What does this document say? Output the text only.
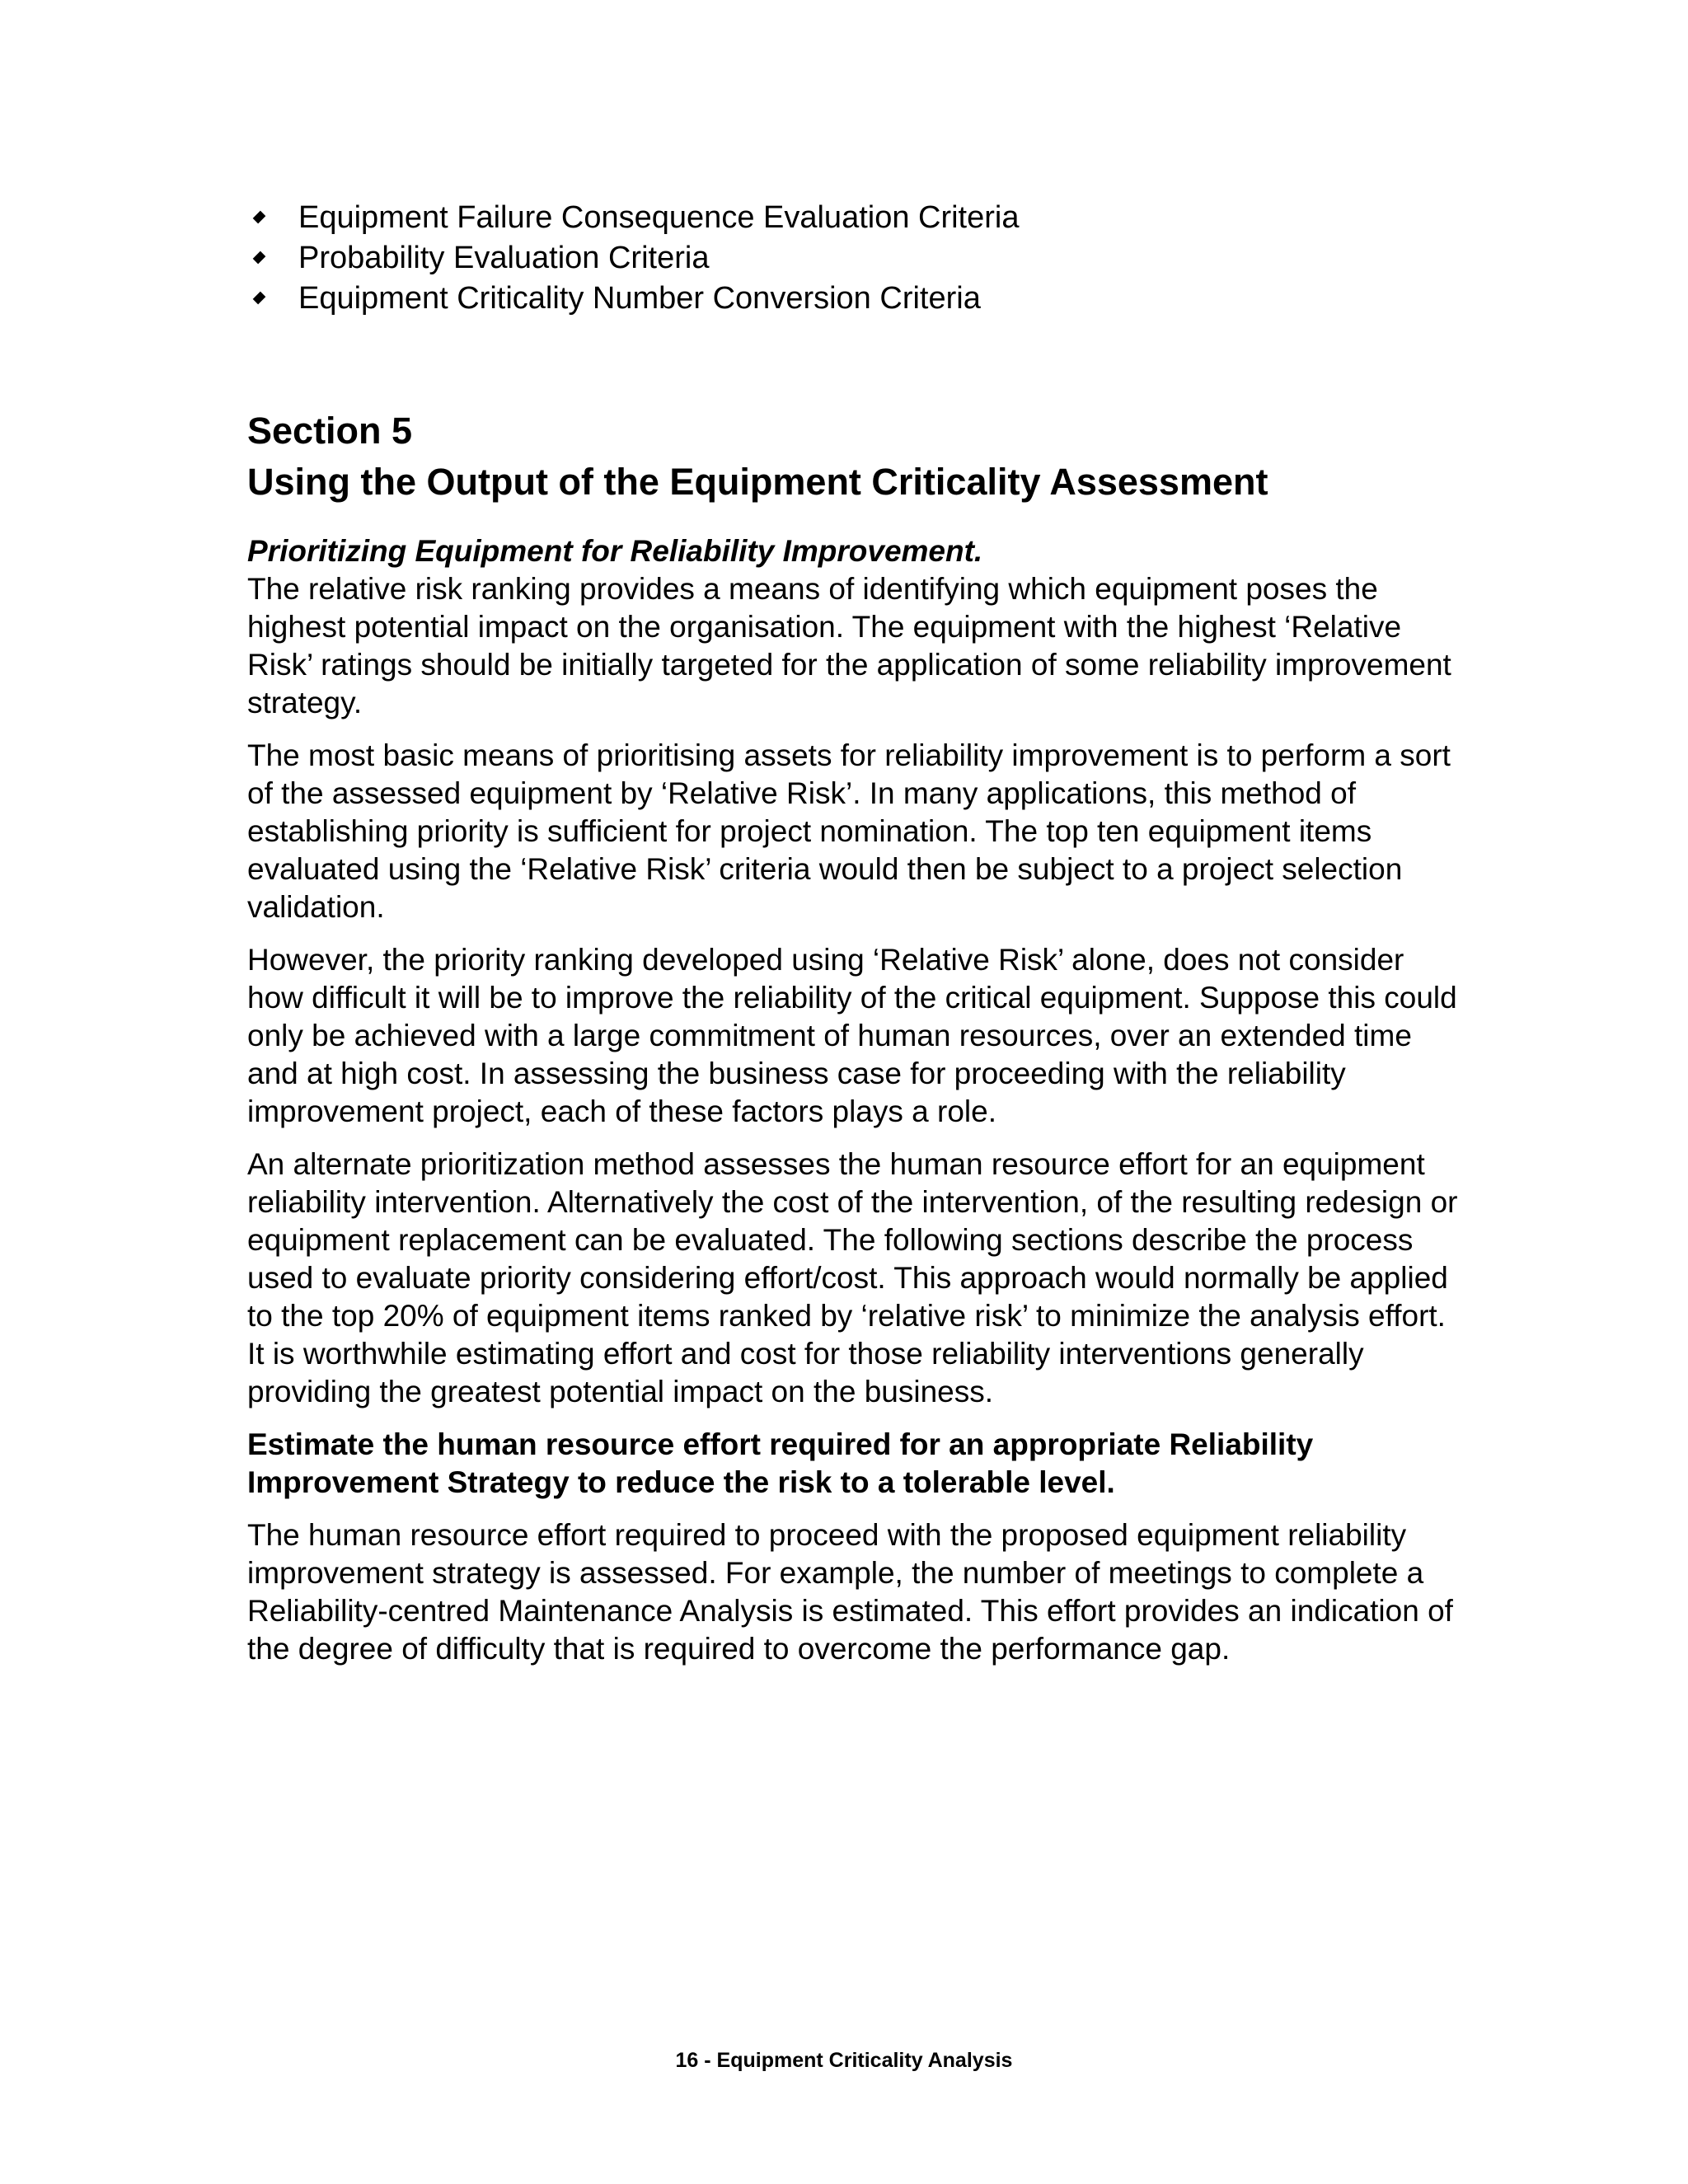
Equipment Failure Consequence Evaluation Criteria
Probability Evaluation Criteria
Equipment Criticality Number Conversion Criteria
Section 5
Using the Output of the Equipment Criticality Assessment
Prioritizing Equipment for Reliability Improvement.

The relative risk ranking provides a means of identifying which equipment poses the highest potential impact on the organisation. The equipment with the highest ‘Relative Risk’ ratings should be initially targeted for the application of some reliability improvement strategy.

The most basic means of prioritising assets for reliability improvement is to perform a sort of the assessed equipment by ‘Relative Risk’. In many applications, this method of establishing priority is sufficient for project nomination. The top ten equipment items evaluated using the ‘Relative Risk’ criteria would then be subject to a project selection validation.

However, the priority ranking developed using ‘Relative Risk’ alone, does not consider how difficult it will be to improve the reliability of the critical equipment. Suppose this could only be achieved with a large commitment of human resources, over an extended time and at high cost. In assessing the business case for proceeding with the reliability improvement project, each of these factors plays a role.

An alternate prioritization method assesses the human resource effort for an equipment reliability intervention. Alternatively the cost of the intervention, of the resulting redesign or equipment replacement can be evaluated. The following sections describe the process used to evaluate priority considering effort/cost. This approach would normally be applied to the top 20% of equipment items ranked by ‘relative risk’ to minimize the analysis effort. It is worthwhile estimating effort and cost for those reliability interventions generally providing the greatest potential impact on the business.

Estimate the human resource effort required for an appropriate Reliability Improvement Strategy to reduce the risk to a tolerable level.

The human resource effort required to proceed with the proposed equipment reliability improvement strategy is assessed. For example, the number of meetings to complete a Reliability-centred Maintenance Analysis is estimated. This effort provides an indication of the degree of difficulty that is required to overcome the performance gap.

16 - Equipment Criticality Analysis
